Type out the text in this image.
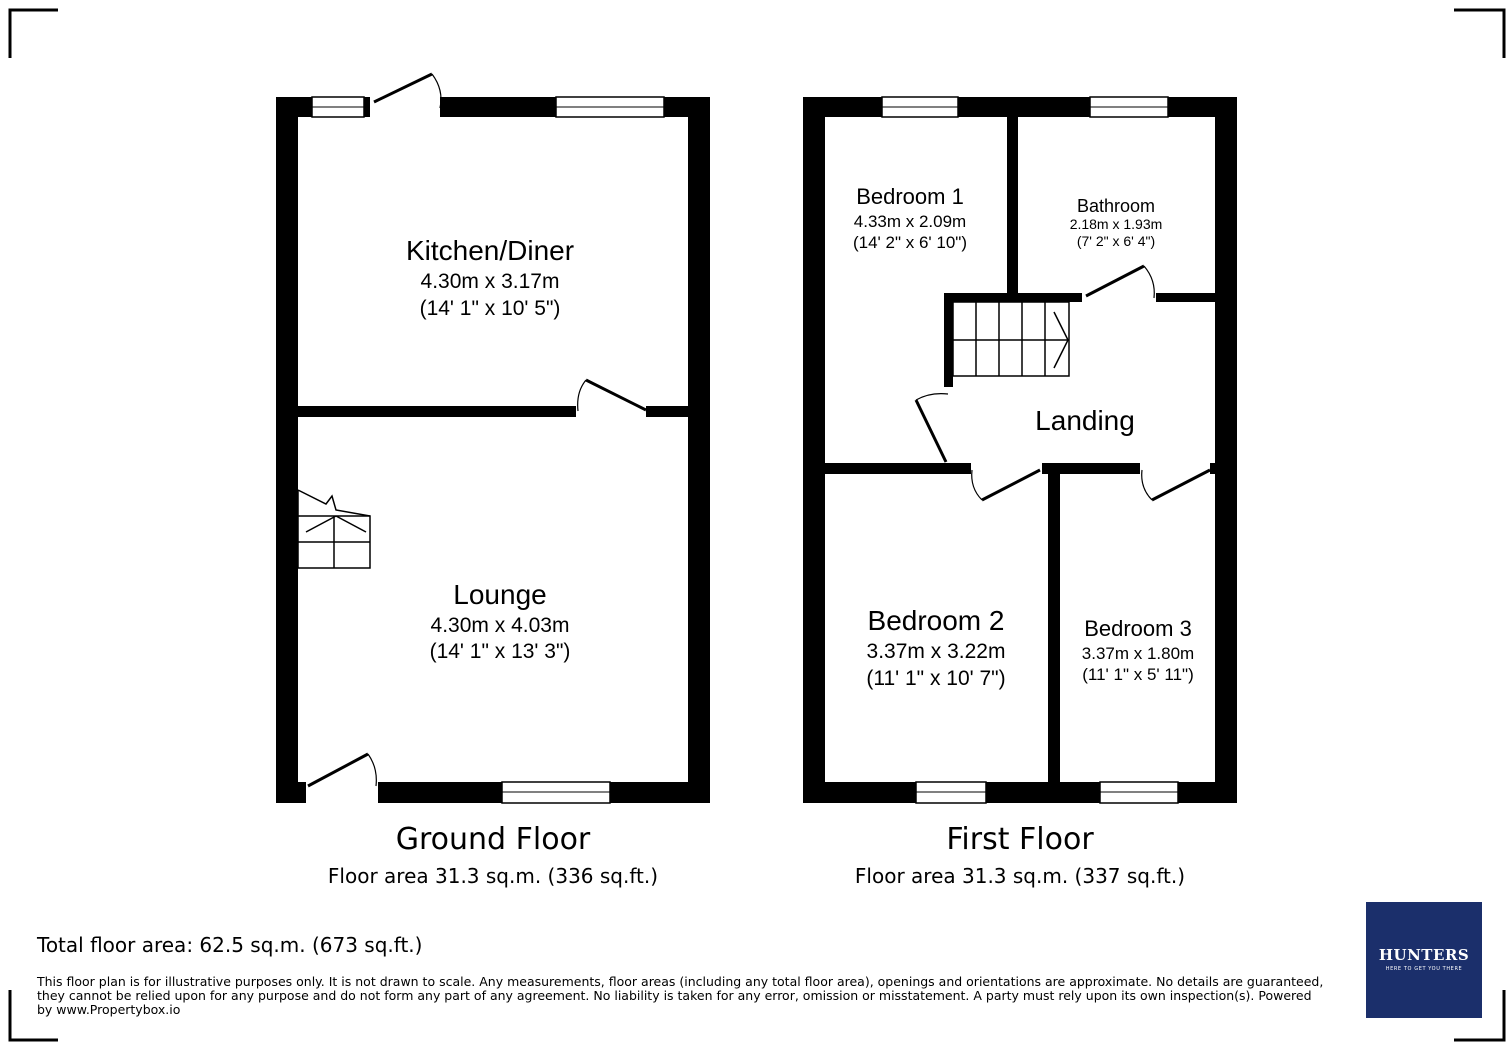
Kitchen/Diner
4.30m x 3.17m
(14' 1" x 10' 5")
Lounge
4.30m x 4.03m
(14' 1" x 13' 3")
Bedroom 1
4.33m x 2.09m
(14' 2" x 6' 10")
Bathroom
2.18m x 1.93m
(7' 2" x 6' 4")
Landing
Bedroom 2
3.37m x 3.22m
(11' 1" x 10' 7")
Bedroom 3
3.37m x 1.80m
(11' 1" x 5' 11")
Ground Floor
Floor area 31.3 sq.m. (336 sq.ft.)
First Floor
Floor area 31.3 sq.m. (337 sq.ft.)
Total floor area: 62.5 sq.m. (673 sq.ft.)
This floor plan is for illustrative purposes only. It is not drawn to scale. Any measurements, floor areas (including any total floor area), openings and orientations are approximate. No details are guaranteed, they cannot be relied upon for any purpose and do not form any part of any agreement. No liability is taken for any error, omission or misstatement. A party must rely upon its own inspection(s). Powered by www.Propertybox.io
HUNTERS
HERE TO GET YOU THERE
